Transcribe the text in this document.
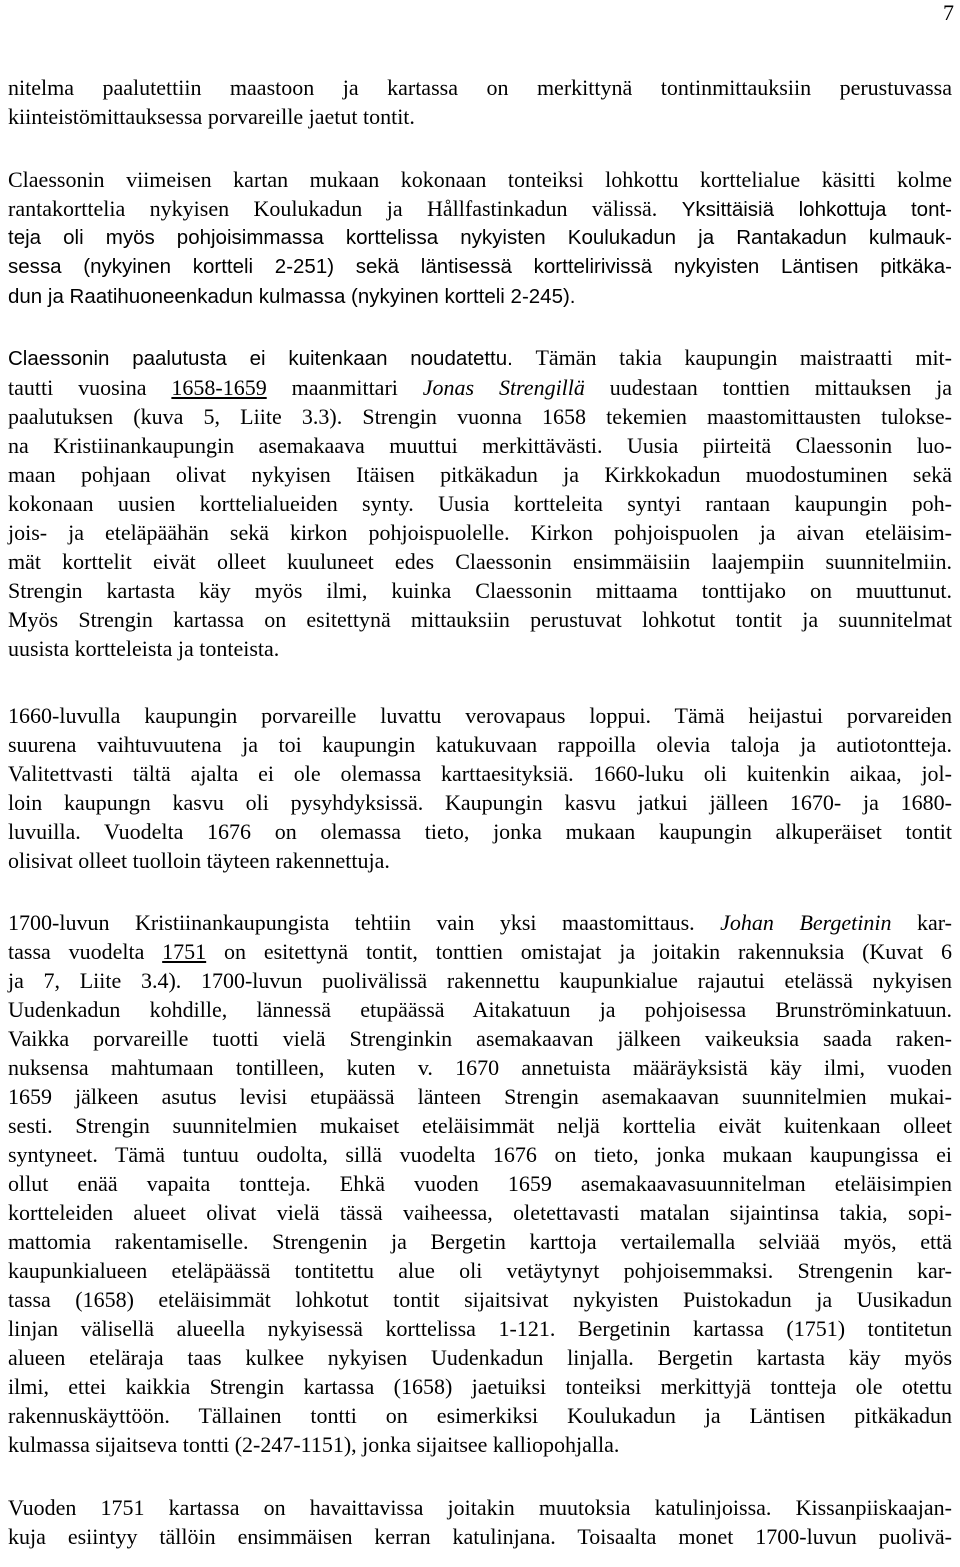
7
nitelma paalutettiin maastoon ja kartassa on merkittynä tontinmittauksiin perustuvassa
kiinteistömittauksessa porvareille jaetut tontit.
Claessonin viimeisen kartan mukaan kokonaan tonteiksi lohkottu korttelialue käsitti kolme
rantakorttelia nykyisen Koulukadun ja Hållfastinkadun välissä. Yksittäisiä lohkottuja tont-
teja oli myös pohjoisimmassa korttelissa nykyisten Koulukadun ja Rantakadun kulmauk-
sessa (nykyinen kortteli 2-251) sekä läntisessä korttelirivissä nykyisten Läntisen pitkäka-
dun ja Raatihuoneenkadun kulmassa (nykyinen kortteli 2-245).
Claessonin paalutusta ei kuitenkaan noudatettu. Tämän takia kaupungin maistraatti mit-
tautti vuosina 1658-1659 maanmittari Jonas Strengillä uudestaan tonttien mittauksen ja
paalutuksen (kuva 5, Liite 3.3). Strengin vuonna 1658 tekemien maastomittausten tulokse-
na Kristiinankaupungin asemakaava muuttui merkittävästi. Uusia piirteitä Claessonin luo-
maan pohjaan olivat nykyisen Itäisen pitkäkadun ja Kirkkokadun muodostuminen sekä
kokonaan uusien korttelialueiden synty. Uusia kortteleita syntyi rantaan kaupungin poh-
jois- ja eteläpäähän sekä kirkon pohjoispuolelle. Kirkon pohjoispuolen ja aivan eteläisim-
mät korttelit eivät olleet kuuluneet edes Claessonin ensimmäisiin laajempiin suunnitelmiin.
Strengin kartasta käy myös ilmi, kuinka Claessonin mittaama tonttijako on muuttunut.
Myös Strengin kartassa on esitettynä mittauksiin perustuvat lohkotut tontit ja suunnitelmat
uusista kortteleista ja tonteista.
1660-luvulla kaupungin porvareille luvattu verovapaus loppui. Tämä heijastui porvareiden
suurena vaihtuvuutena ja toi kaupungin katukuvaan rappoilla olevia taloja ja autiotontteja.
Valitettvasti tältä ajalta ei ole olemassa karttaesityksiä. 1660-luku oli kuitenkin aikaa, jol-
loin kaupungn kasvu oli pysyhdyksissä. Kaupungin kasvu jatkui jälleen 1670- ja 1680-
luvuilla. Vuodelta 1676 on olemassa tieto, jonka mukaan kaupungin alkuperäiset tontit
olisivat olleet tuolloin täyteen rakennettuja.
1700-luvun Kristiinankaupungista tehtiin vain yksi maastomittaus. Johan Bergetinin kar-
tassa vuodelta 1751 on esitettynä tontit, tonttien omistajat ja joitakin rakennuksia (Kuvat 6
ja 7, Liite 3.4). 1700-luvun puolivälissä rakennettu kaupunkialue rajautui etelässä nykyisen
Uudenkadun kohdille, lännessä etupäässä Aitakatuun ja pohjoisessa Brunströminkatuun.
Vaikka porvareille tuotti vielä Strenginkin asemakaavan jälkeen vaikeuksia saada raken-
nuksensa mahtumaan tontilleen, kuten v. 1670 annetuista määräyksistä käy ilmi, vuoden
1659 jälkeen asutus levisi etupäässä länteen Strengin asemakaavan suunnitelmien mukai-
sesti. Strengin suunnitelmien mukaiset eteläisimmät neljä korttelia eivät kuitenkaan olleet
syntyneet. Tämä tuntuu oudolta, sillä vuodelta 1676 on tieto, jonka mukaan kaupungissa ei
ollut enää vapaita tontteja. Ehkä vuoden 1659 asemakaavasuunnitelman eteläisimpien
kortteleiden alueet olivat vielä tässä vaiheessa, oletettavasti matalan sijaintinsa takia, sopi-
mattomia rakentamiselle. Strengenin ja Bergetin karttoja vertailemalla selviää myös, että
kaupunkialueen eteläpäässä tontitettu alue oli vetäytynyt pohjoisemmaksi. Strengenin kar-
tassa (1658) eteläisimmät lohkotut tontit sijaitsivat nykyisten Puistokadun ja Uusikadun
linjan välisellä alueella nykyisessä korttelissa 1-121. Bergetinin kartassa (1751) tontitetun
alueen eteläraja taas kulkee nykyisen Uudenkadun linjalla. Bergetin kartasta käy myös
ilmi, ettei kaikkia Strengin kartassa (1658) jaetuiksi tonteiksi merkittyjä tontteja ole otettu
rakennuskäyttöön. Tällainen tontti on esimerkiksi Koulukadun ja Läntisen pitkäkadun
kulmassa sijaitseva tontti (2-247-1151), jonka sijaitsee kalliopohjalla.
Vuoden 1751 kartassa on havaittavissa joitakin muutoksia katulinjoissa. Kissanpiiskaajan-
kuja esiintyy tällöin ensimmäisen kerran katulinjana. Toisaalta monet 1700-luvun puolivä-
